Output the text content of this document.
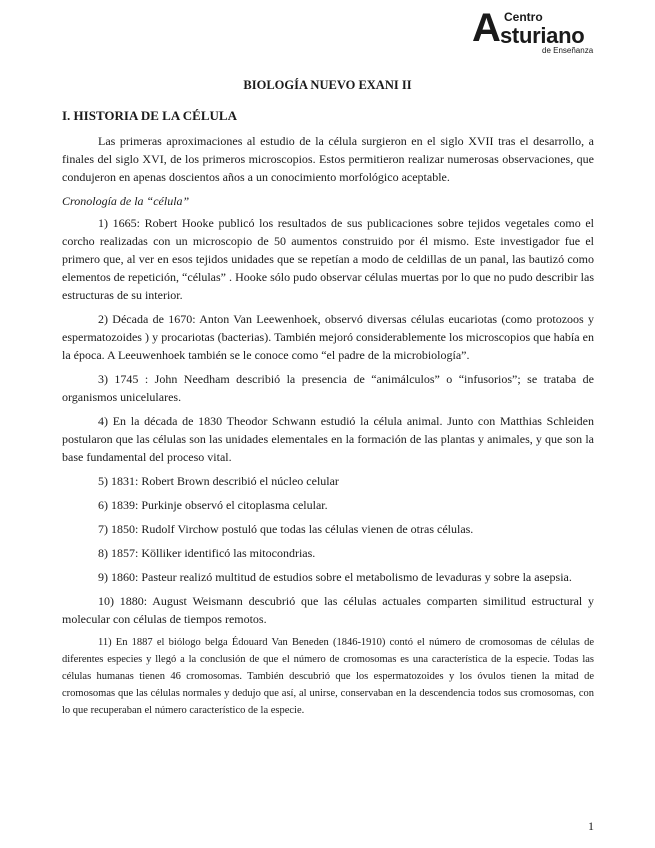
A Centro
sturiano
de Enseñanza
BIOLOGÍA NUEVO EXANI II
I. HISTORIA DE LA CÉLULA

Las primeras aproximaciones al estudio de la célula surgieron en el siglo XVII tras el desarrollo, a finales del siglo XVI, de los primeros microscopios. Estos permitieron realizar numerosas observaciones, que condujeron en apenas doscientos años a un conocimiento morfológico aceptable.

Cronología de la “célula”

1) 1665: Robert Hooke publicó los resultados de sus publicaciones sobre tejidos vegetales como el corcho realizadas con un microscopio de 50 aumentos construido por él mismo. Este investigador fue el primero que, al ver en esos tejidos unidades que se repetían a modo de celdillas de un panal, las bautizó como elementos de repetición, “células” . Hooke sólo pudo observar células muertas por lo que no pudo describir las estructuras de su interior.

2) Década de 1670: Anton Van Leewenhoek, observó diversas células eucariotas (como protozoos y espermatozoides ) y procariotas (bacterias). También mejoró considerablemente los microscopios que había en la época. A Leeuwenhoek también se le conoce como “el padre de la microbiología”.

3) 1745 : John Needham describió la presencia de “animálculos” o “infusorios”; se trataba de organismos unicelulares.

4) En la década de 1830 Theodor Schwann estudió la célula animal. Junto con Matthias Schleiden postularon que las células son las unidades elementales en la formación de las plantas y animales, y que son la base fundamental del proceso vital.

5) 1831: Robert Brown describió el núcleo celular

6) 1839: Purkinje observó el citoplasma celular.

7) 1850: Rudolf Virchow postuló que todas las células vienen de otras células.

8) 1857: Kölliker identificó las mitocondrias.

9) 1860: Pasteur realizó multitud de estudios sobre el metabolismo de levaduras y sobre la asepsia.

10) 1880: August Weismann descubrió que las células actuales comparten similitud estructural y molecular con células de tiempos remotos.

11) En 1887 el biólogo belga Édouard Van Beneden (1846-1910) contó el número de cromosomas de células de diferentes especies y llegó a la conclusión de que el número de cromosomas es una característica de la especie. Todas las células humanas tienen 46 cromosomas. También descubrió que los espermatozoides y los óvulos tienen la mitad de cromosomas que las células normales y dedujo que así, al unirse, conservaban en la descendencia todos sus cromosomas, con lo que recuperaban el número característico de la especie.

1
